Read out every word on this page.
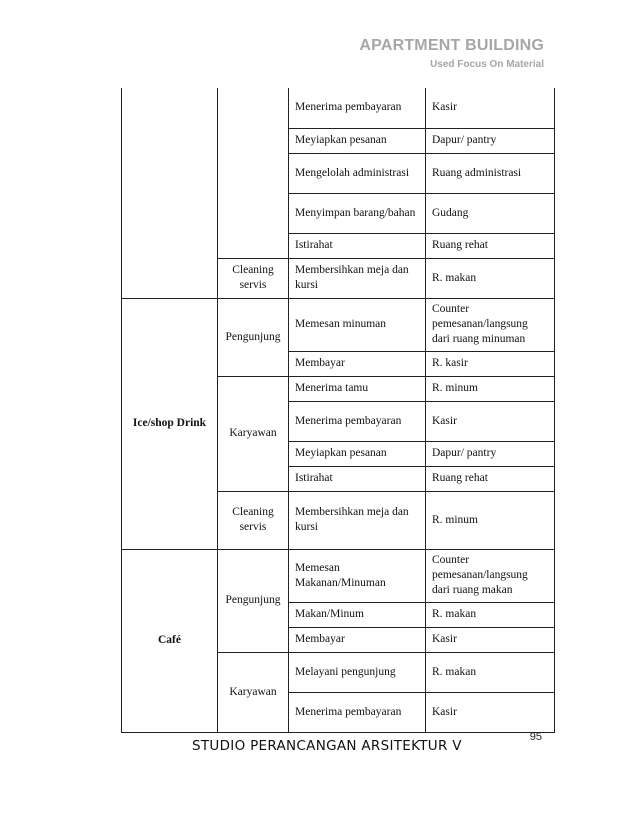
APARTMENT BUILDING
Used Focus On Material
		Menerima pembayaran	Kasir
		Meyiapkan pesanan	Dapur/ pantry
		Mengelolah administrasi	Ruang administrasi
		Menyimpan barang/bahan	Gudang
		Istirahat	Ruang rehat
	Cleaning servis	Membersihkan meja dan kursi	R. makan
Ice/shop Drink	Pengunjung	Memesan minuman	Counter pemesanan/langsung dari ruang minuman
		Membayar	R. kasir
	Karyawan	Menerima tamu	R. minum
		Menerima pembayaran	Kasir
		Meyiapkan pesanan	Dapur/ pantry
		Istirahat	Ruang rehat
	Cleaning servis	Membersihkan meja dan kursi	R. minum
Café	Pengunjung	Memesan Makanan/Minuman	Counter pemesanan/langsung dari ruang makan
		Makan/Minum	R. makan
		Membayar	Kasir
	Karyawan	Melayani pengunjung	R. makan
		Menerima pembayaran	Kasir
95
STUDIO PERANCANGAN ARSITEKTUR V
